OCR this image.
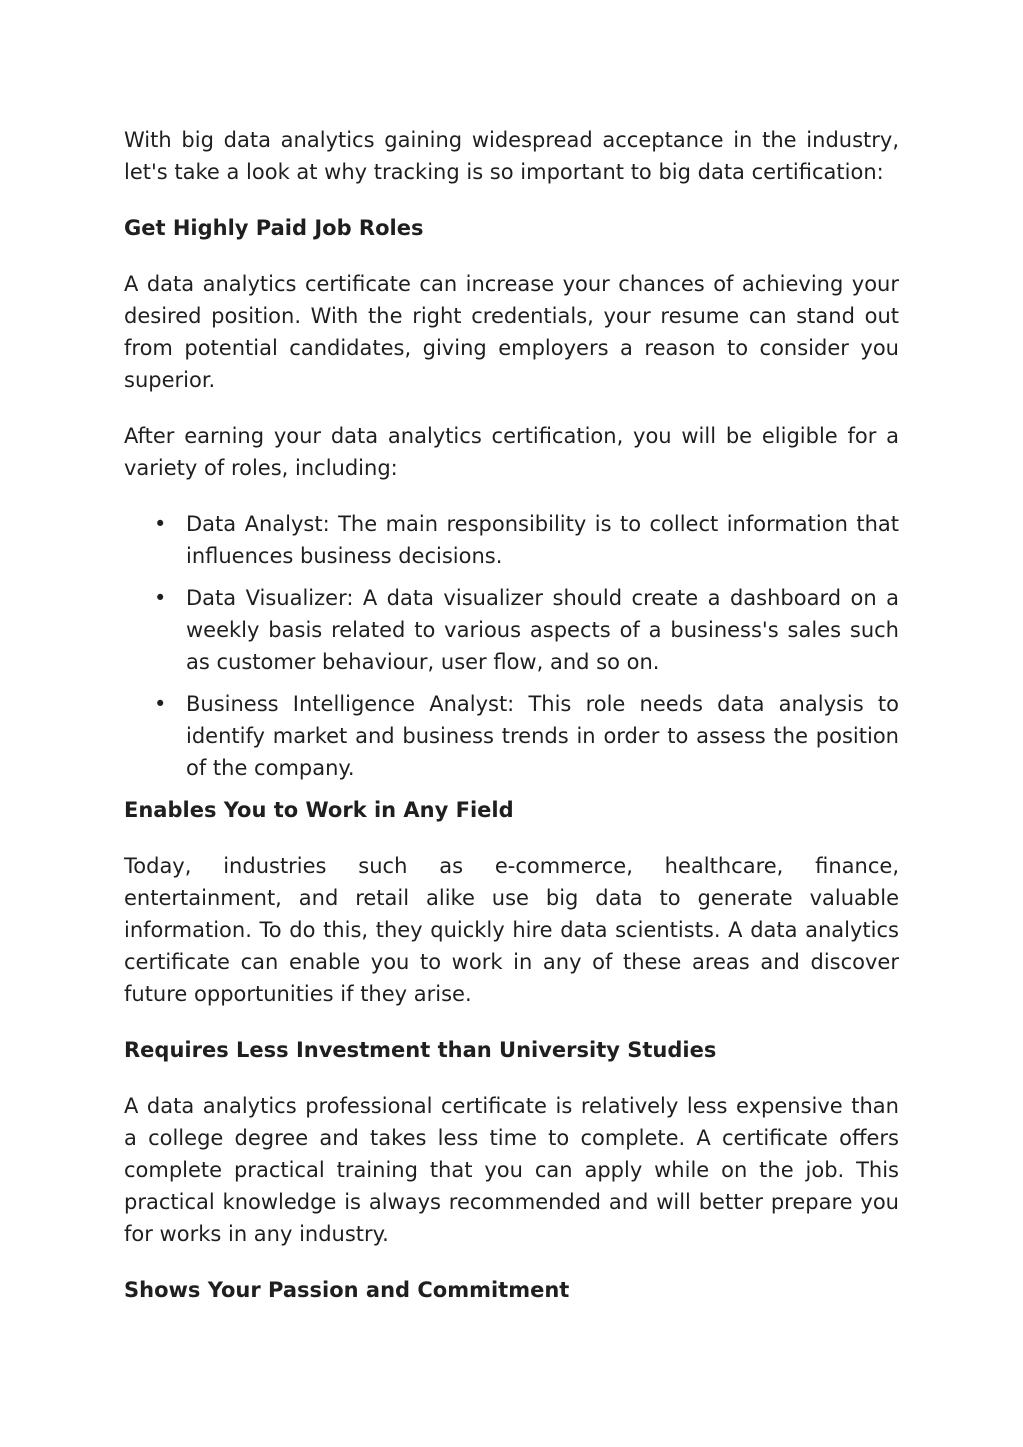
With big data analytics gaining widespread acceptance in the industry, let's take a look at why tracking is so important to big data certification:

Get Highly Paid Job Roles

A data analytics certificate can increase your chances of achieving your desired position. With the right credentials, your resume can stand out from potential candidates, giving employers a reason to consider you superior.

After earning your data analytics certification, you will be eligible for a variety of roles, including:

• Data Analyst: The main responsibility is to collect information that influences business decisions.
• Data Visualizer: A data visualizer should create a dashboard on a weekly basis related to various aspects of a business's sales such as customer behaviour, user flow, and so on.
• Business Intelligence Analyst: This role needs data analysis to identify market and business trends in order to assess the position of the company.
Enables You to Work in Any Field

Today, industries such as e-commerce, healthcare, finance, entertainment, and retail alike use big data to generate valuable information. To do this, they quickly hire data scientists. A data analytics certificate can enable you to work in any of these areas and discover future opportunities if they arise.

Requires Less Investment than University Studies

A data analytics professional certificate is relatively less expensive than a college degree and takes less time to complete. A certificate offers complete practical training that you can apply while on the job. This practical knowledge is always recommended and will better prepare you for works in any industry.

Shows Your Passion and Commitment
